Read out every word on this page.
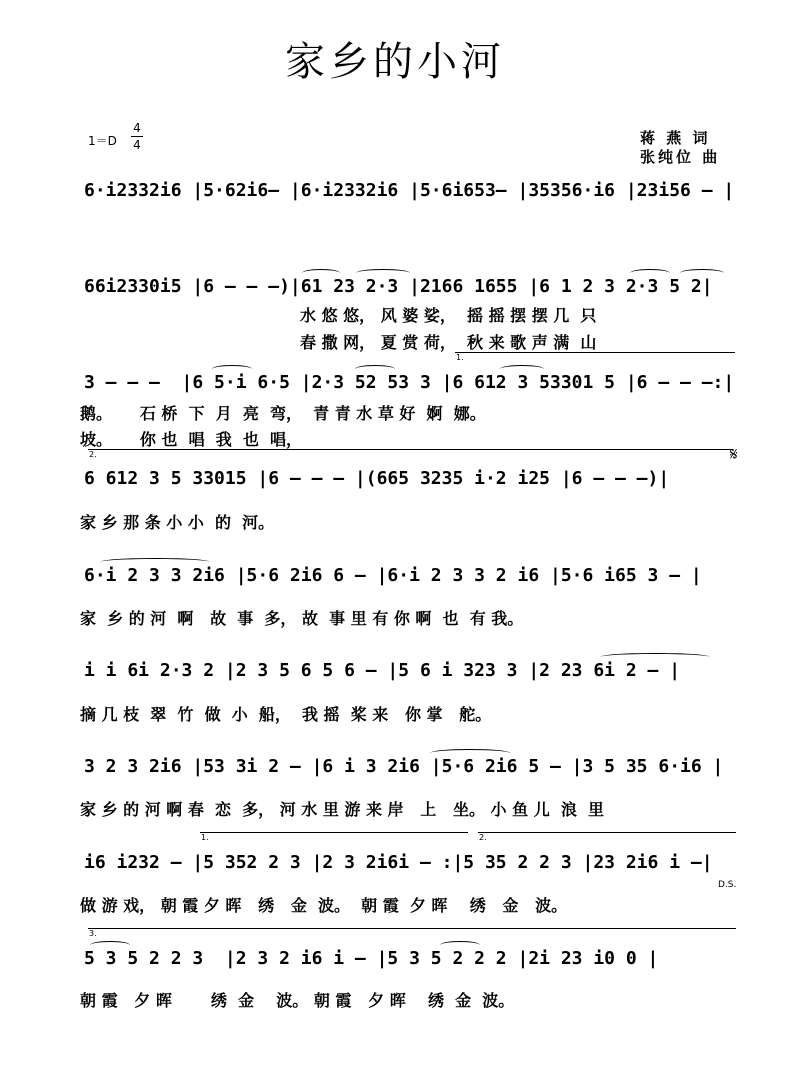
家乡的小河
$1=D \frac{4}{4}$	蒋 燕 词
张纯位 曲
6·i2332i6 |5·62i6– |6·i2332i6 |5·6i653– |35356·i6 |23i56 – |
66i2330i5 |6 – – –)|61 23 2·3 |2166 1655 |6 1 2 3 2·3 5 2|
水 悠 悠， 风 婆 娑，  摇 摇 摆 摆 几  只
春 撒 网， 夏 赏 荷，  秋 来 歌 声 满  山
1.
3 – – –  |6 5·i 6·5 |2·3 52 53 3 |6 612 3 53301 5 |6 – – –:|
鹅。     石 桥  下  月  亮  弯，  青 青 水 草 好  婀  娜。
坡。     你 也  唱  我  也  唱，
2.	𝄋
6 612 3 5 33015 |6 – – – |(665 3235 i·2 i25 |6 – – –)|
家 乡 那 条 小 小  的  河。
6·i 2 3 3 2i6 |5·6 2i6 6 – |6·i 2 3 3 2 i6 |5·6 i65 3 – |
家  乡 的 河  啊   故  事  多， 故  事 里 有 你 啊  也  有 我。
i i 6i 2·3 2 |2 3 5 6 5 6 – |5 6 i 323 3 |2 23 6i 2 – |
摘 几 枝  翠  竹  做  小  船，  我 摇  桨 来   你 掌   舵。
3 2 3 2i6 |53 3i 2 – |6 i 3 2i6 |5·6 2i6 5 – |3 5 35 6·i6 |
家 乡 的 河 啊 春  恋  多， 河 水 里 游 来 岸   上   坐。 小 鱼 儿  浪  里
1.	2.
i6 i232 – |5 352 2 3 |2 3 2i6i – :|5 35 2 2 3 |23 2i6 i –|
D.S.
做 游 戏， 朝 霞 夕 晖   绣   金  波。  朝 霞  夕 晖    绣   金   波。
3.
5 3 5 2 2 3  |2 3 2 i6 i – |5 3 5 2 2 2 |2i 23 i0 0 |
朝 霞   夕 晖       绣  金    波。 朝 霞   夕 晖    绣  金  波。
